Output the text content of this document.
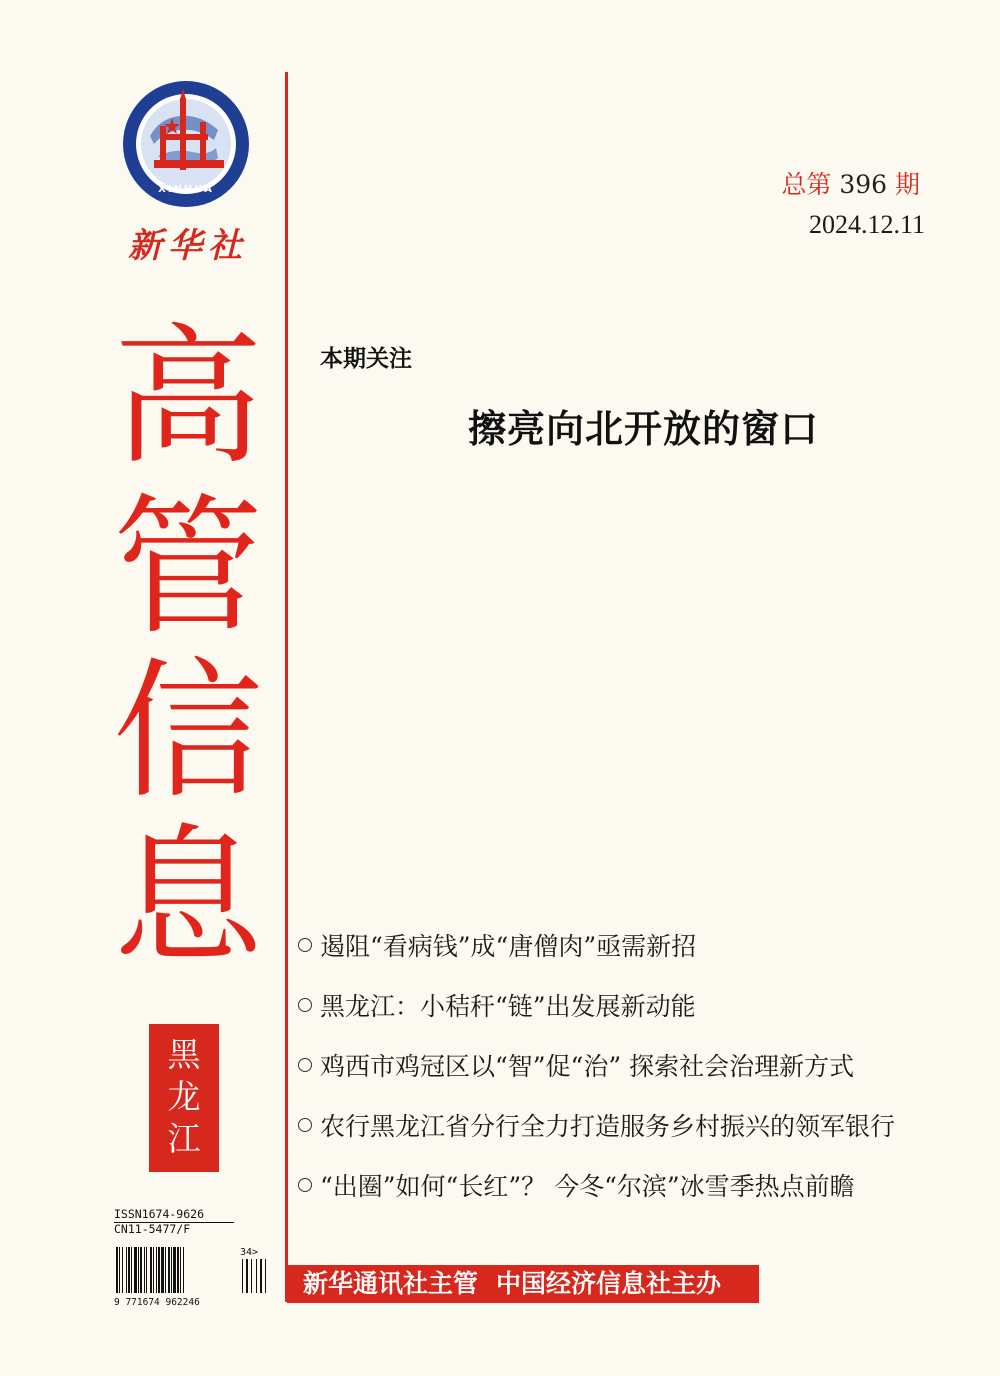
XINHUA
新华社
总第 396 期
2024.12.11
高
管
信
息
黑
龙
江
本期关注
擦亮向北开放的窗口
遏阻“看病钱”成“唐僧肉”亟需新招
黑龙江：小秸秆“链”出发展新动能
鸡西市鸡冠区以“智”促“治” 探索社会治理新方式
农行黑龙江省分行全力打造服务乡村振兴的领军银行
“出圈”如何“长红”？ 今冬“尔滨”冰雪季热点前瞻
ISSN1674-9626
CN11-5477/F
34>
9 771674 962246
新华通讯社主管 中国经济信息社主办
